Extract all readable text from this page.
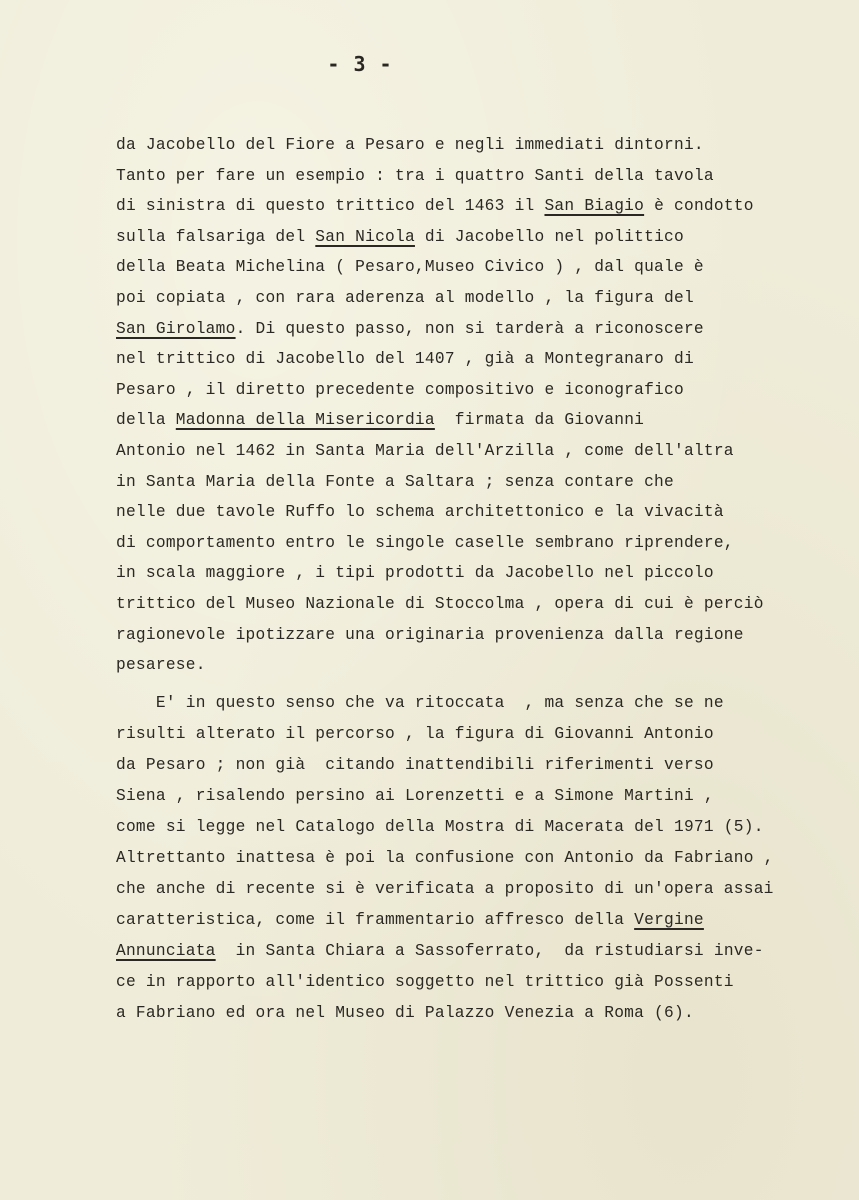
- 3 -
da Jacobello del Fiore a Pesaro e negli immediati dintorni.
Tanto per fare un esempio : tra i quattro Santi della tavola
di sinistra di questo trittico del 1463 il San Biagio è condotto
sulla falsariga del San Nicola di Jacobello nel polittico
della Beata Michelina ( Pesaro,Museo Civico ) , dal quale è
poi copiata , con rara aderenza al modello , la figura del
San Girolamo. Di questo passo, non si tarderà a riconoscere
nel trittico di Jacobello del 1407 , già a Montegranaro di
Pesaro , il diretto precedente compositivo e iconografico
della Madonna della Misericordia  firmata da Giovanni
Antonio nel 1462 in Santa Maria dell'Arzilla , come dell'altra
in Santa Maria della Fonte a Saltara ; senza contare che
nelle due tavole Ruffo lo schema architettonico e la vivacità
di comportamento entro le singole caselle sembrano riprendere,
in scala maggiore , i tipi prodotti da Jacobello nel piccolo
trittico del Museo Nazionale di Stoccolma , opera di cui è perciò
ragionevole ipotizzare una originaria provenienza dalla regione
pesarese.
E' in questo senso che va ritoccata  , ma senza che se ne
risulti alterato il percorso , la figura di Giovanni Antonio
da Pesaro ; non già  citando inattendibili riferimenti verso
Siena , risalendo persino ai Lorenzetti e a Simone Martini ,
come si legge nel Catalogo della Mostra di Macerata del 1971 (5).
Altrettanto inattesa è poi la confusione con Antonio da Fabriano ,
che anche di recente si è verificata a proposito di un'opera assai
caratteristica, come il frammentario affresco della Vergine
Annunciata  in Santa Chiara a Sassoferrato,  da ristudiarsi inve-
ce in rapporto all'identico soggetto nel trittico già Possenti
a Fabriano ed ora nel Museo di Palazzo Venezia a Roma (6).
